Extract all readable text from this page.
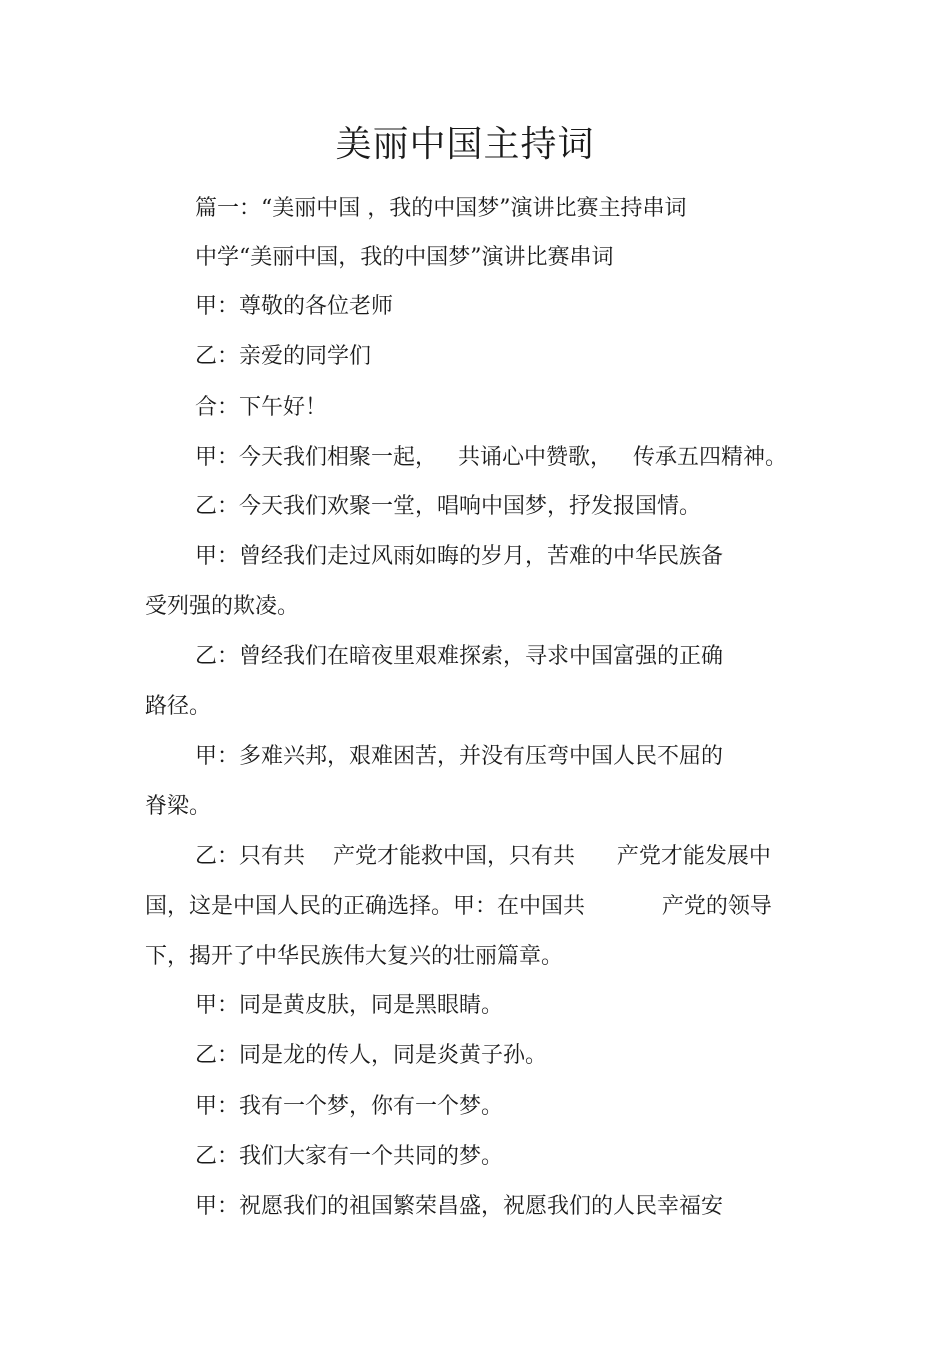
美丽中国主持词

篇一：“美丽中国 ，我的中国梦”演讲比赛主持串词

中学“美丽中国，我的中国梦”演讲比赛串词

甲：尊敬的各位老师

乙：亲爱的同学们

合：下午好！

甲：今天我们相聚一起，   共诵心中赞歌，   传承五四精神。

乙：今天我们欢聚一堂，唱响中国梦，抒发报国情。

甲：曾经我们走过风雨如晦的岁月，苦难的中华民族备

受列强的欺凌。

乙：曾经我们在暗夜里艰难探索，寻求中国富强的正确

路径。

甲：多难兴邦，艰难困苦，并没有压弯中国人民不屈的

脊梁。

乙：只有共    产党才能救中国，只有共      产党才能发展中

国，这是中国人民的正确选择。甲：在中国共           产党的领导

下，揭开了中华民族伟大复兴的壮丽篇章。

甲：同是黄皮肤，同是黑眼睛。

乙：同是龙的传人，同是炎黄子孙。

甲：我有一个梦，你有一个梦。

乙：我们大家有一个共同的梦。

甲：祝愿我们的祖国繁荣昌盛，祝愿我们的人民幸福安
